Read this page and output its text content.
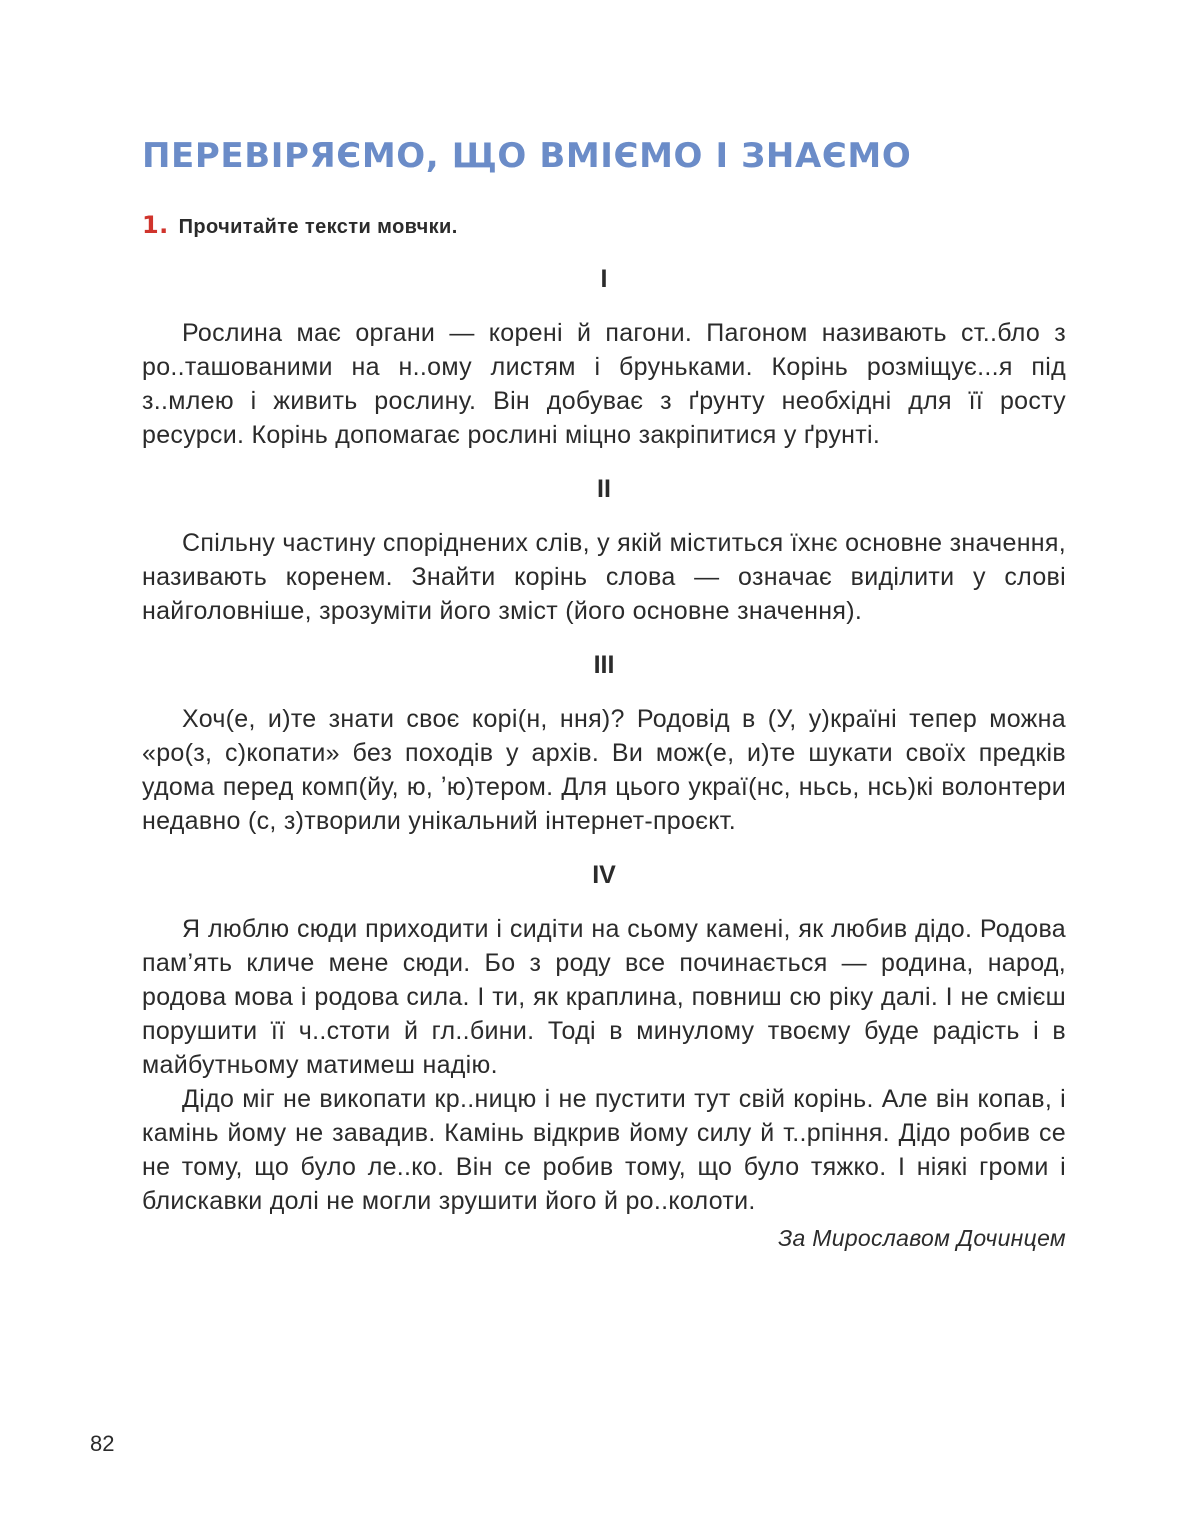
ПЕРЕВІРЯЄМО, ЩО ВМІЄМО І ЗНАЄМО
1. Прочитайте тексти мовчки.

I

Рослина має органи — корені й пагони. Пагоном називають ст..бло з ро..ташованими на н..ому листям і бруньками. Корінь розміщує...я під з..млею і живить рослину. Він добуває з ґрунту необхідні для її росту ресурси. Корінь допомагає рослині міцно закріпитися у ґрунті.

II

Спільну частину споріднених слів, у якій міститься їхнє основне значення, називають коренем. Знайти корінь слова — означає виділити у слові найголовніше, зрозуміти його зміст (його основне значення).

III

Хоч(е, и)те знати своє корі(н, ння)? Родовід в (У, у)країні тепер можна «ро(з, с)копати» без походів у архів. Ви мож(е, и)те шукати своїх предків удома перед комп(йу, ю, ʼю)тером. Для цього украї(нс, ньсь, нсь)кі волонтери недавно (с, з)творили унікальний інтернет-проєкт.

IV

Я люблю сюди приходити і сидіти на сьому камені, як любив дідо. Родова пам’ять кличе мене сюди. Бо з роду все починається — родина, народ, родова мова і родова сила. І ти, як краплина, повниш сю ріку далі. І не смієш порушити її ч..стоти й гл..бини. Тоді в минулому твоєму буде радість і в майбутньому матимеш надію.

Дідо міг не викопати кр..ницю і не пустити тут свій корінь. Але він копав, і камінь йому не завадив. Камінь відкрив йому силу й т..рпіння. Дідо робив се не тому, що було ле..ко. Він се робив тому, що було тяжко. І ніякі громи і блискавки долі не могли зрушити його й ро..колоти.

За Мирославом Дочинцем

82
